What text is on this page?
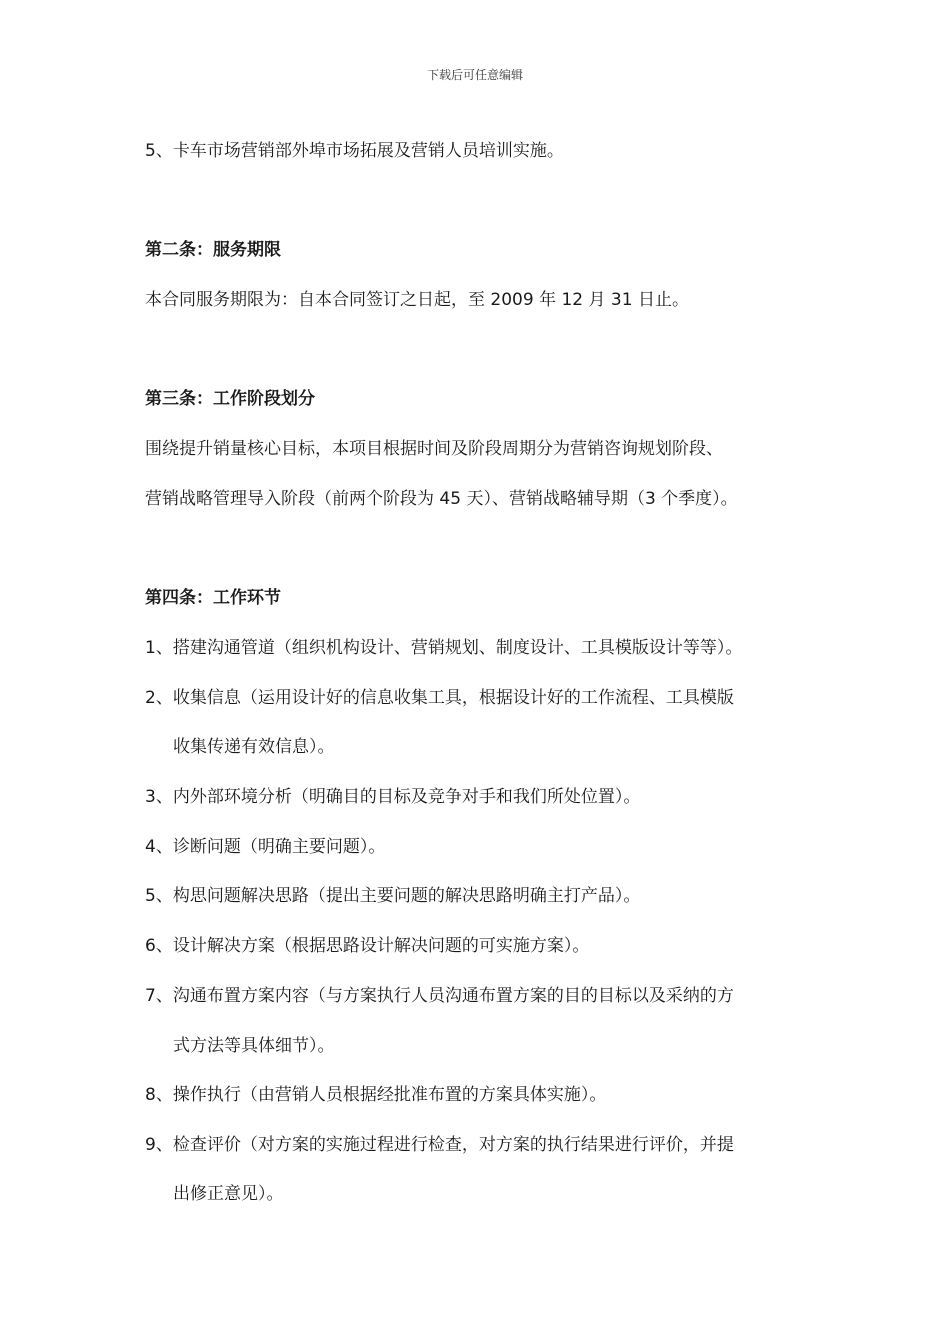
下载后可任意编辑
5、卡车市场营销部外埠市场拓展及营销人员培训实施。
第二条：服务期限
本合同服务期限为：自本合同签订之日起，至 2009 年 12 月 31 日止。
第三条：工作阶段划分
围绕提升销量核心目标，本项目根据时间及阶段周期分为营销咨询规划阶段、
营销战略管理导入阶段（前两个阶段为 45 天）、营销战略辅导期（3 个季度）。
第四条：工作环节
1、搭建沟通管道（组织机构设计、营销规划、制度设计、工具模版设计等等）。
2、收集信息（运用设计好的信息收集工具，根据设计好的工作流程、工具模版
收集传递有效信息）。
3、内外部环境分析（明确目的目标及竞争对手和我们所处位置）。
4、诊断问题（明确主要问题）。
5、构思问题解决思路（提出主要问题的解决思路明确主打产品）。
6、设计解决方案（根据思路设计解决问题的可实施方案）。
7、沟通布置方案内容（与方案执行人员沟通布置方案的目的目标以及采纳的方
式方法等具体细节）。
8、操作执行（由营销人员根据经批准布置的方案具体实施）。
9、检查评价（对方案的实施过程进行检查，对方案的执行结果进行评价，并提
出修正意见）。
